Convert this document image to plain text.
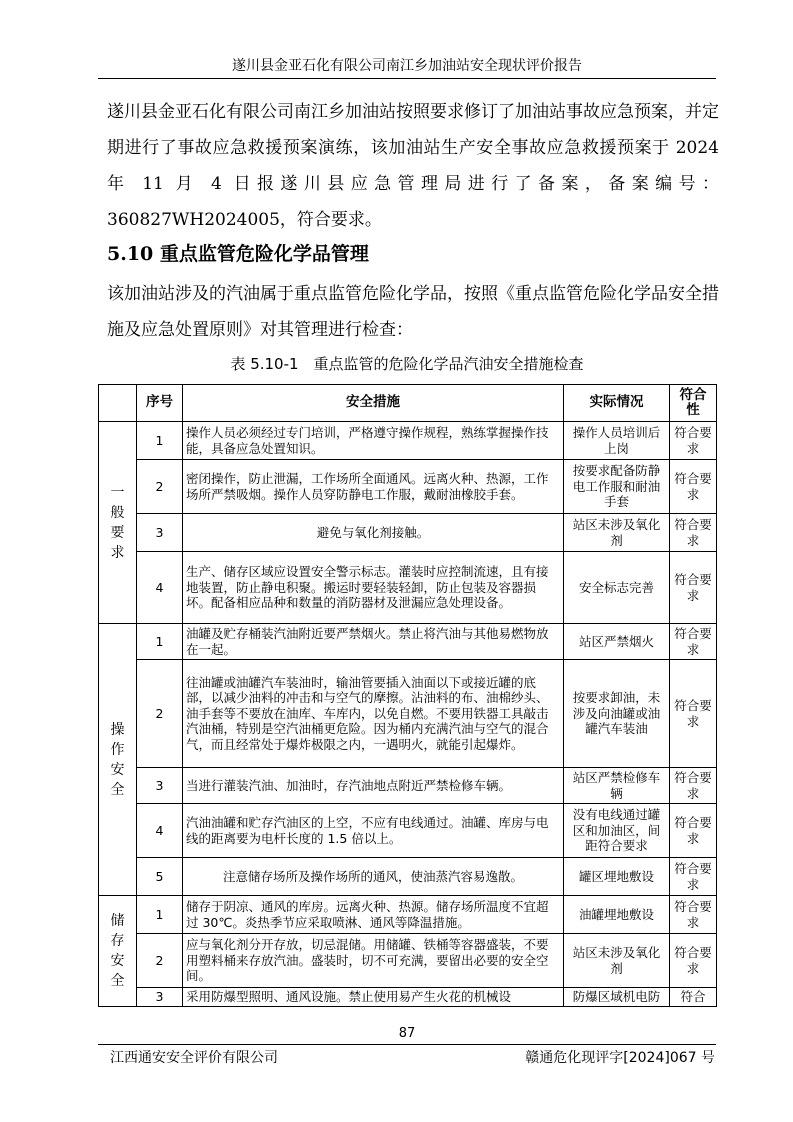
遂川县金亚石化有限公司南江乡加油站安全现状评价报告

遂川县金亚石化有限公司南江乡加油站按照要求修订了加油站事故应急预案，并定期进行了事故应急救援预案演练，该加油站生产安全事故应急救援预案于 2024 年 11 月 4 日报遂川县应急管理局进行了备案，备案编号：360827WH2024005，符合要求。

5.10 重点监管危险化学品管理

该加油站涉及的汽油属于重点监管危险化学品，按照《重点监管危险化学品安全措施及应急处置原则》对其管理进行检查：

表 5.10-1　重点监管的危险化学品汽油安全措施检查
	序号	安全措施	实际情况	符合性
一般要求	1	操作人员必须经过专门培训，严格遵守操作规程，熟练掌握操作技能，具备应急处置知识。	操作人员培训后上岗	符合要求
	2	密闭操作，防止泄漏，工作场所全面通风。远离火种、热源，工作场所严禁吸烟。操作人员穿防静电工作服，戴耐油橡胶手套。	按要求配备防静电工作服和耐油手套	符合要求
	3	避免与氧化剂接触。	站区未涉及氧化剂	符合要求
	4	生产、储存区域应设置安全警示标志。灌装时应控制流速，且有接地装置，防止静电积聚。搬运时要轻装轻卸，防止包装及容器损坏。配备相应品种和数量的消防器材及泄漏应急处理设备。	安全标志完善	符合要求
操作安全	1	油罐及贮存桶装汽油附近要严禁烟火。禁止将汽油与其他易燃物放在一起。	站区严禁烟火	符合要求
	2	往油罐或油罐汽车装油时，输油管要插入油面以下或接近罐的底部，以减少油料的冲击和与空气的摩擦。沾油料的布、油棉纱头、油手套等不要放在油库、车库内，以免自燃。不要用铁器工具敲击汽油桶，特别是空汽油桶更危险。因为桶内充满汽油与空气的混合气，而且经常处于爆炸极限之内，一遇明火，就能引起爆炸。	按要求卸油，未涉及向油罐或油罐汽车装油	符合要求
	3	当进行灌装汽油、加油时，存汽油地点附近严禁检修车辆。	站区严禁检修车辆	符合要求
	4	汽油油罐和贮存汽油区的上空，不应有电线通过。油罐、库房与电线的距离要为电杆长度的 1.5 倍以上。	没有电线通过罐区和加油区，间距符合要求	符合要求
	5	注意储存场所及操作场所的通风，使油蒸汽容易逸散。	罐区埋地敷设	符合要求
储存安全	1	储存于阴凉、通风的库房。远离火种、热源。储存场所温度不宜超过 30℃。炎热季节应采取喷淋、通风等降温措施。	油罐埋地敷设	符合要求
	2	应与氧化剂分开存放，切忌混储。用储罐、铁桶等容器盛装，不要用塑料桶来存放汽油。盛装时，切不可充满，要留出必要的安全空间。	站区未涉及氧化剂	符合要求
	3	采用防爆型照明、通风设施。禁止使用易产生火花的机械设	防爆区域机电防	符合
87
江西通安安全评价有限公司	赣通危化现评字[2024]067 号
